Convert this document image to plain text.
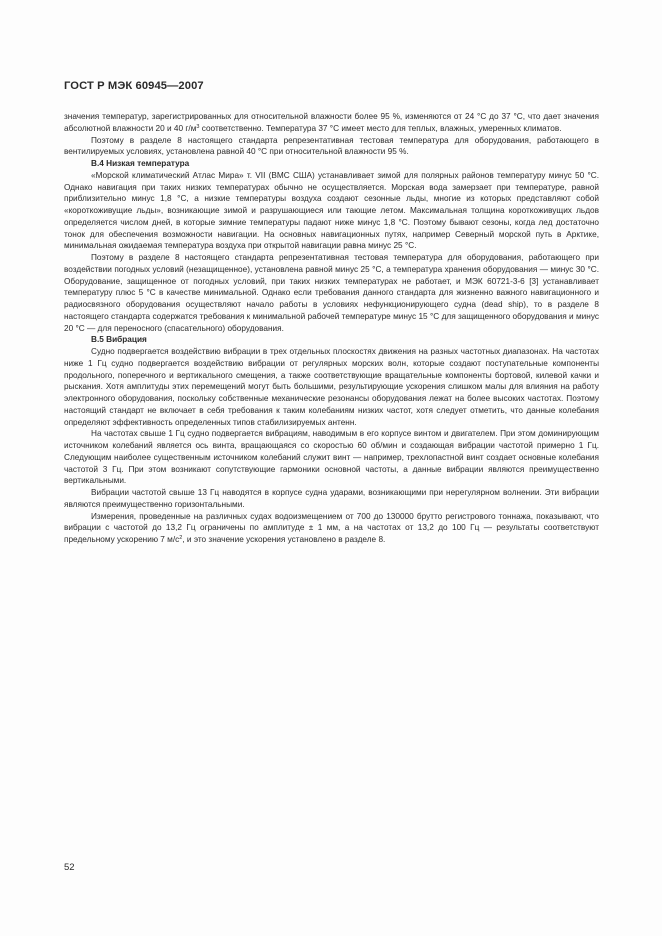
ГОСТ Р МЭК 60945—2007

значения температур, зарегистрированных для относительной влажности более 95 %, изменяются от 24 °С до 37 °С, что дает значения абсолютной влажности 20 и 40 $г/м^3$ соответственно. Температура 37 °С имеет место для теплых, влажных, умеренных климатов.

Поэтому в разделе 8 настоящего стандарта репрезентативная тестовая температура для оборудования, работающего в вентилируемых условиях, установлена равной 40 °С при относительной влажности 95 %.

В.4 Низкая температура

«Морской климатический Атлас Мира» т. VII (ВМС США) устанавливает зимой для полярных районов температуру минус 50 °С. Однако навигация при таких низких температурах обычно не осуществляется. Морская вода замерзает при температуре, равной приблизительно минус 1,8 °С, а низкие температуры воздуха создают сезонные льды, многие из которых представляют собой «короткоживущие льды», возникающие зимой и разрушающиеся или тающие летом. Максимальная толщина короткоживущих льдов определяется числом дней, в которые зимние температуры падают ниже минус 1,8 °С. Поэтому бывают сезоны, когда лед достаточно тонок для обеспечения возможности навигации. На основных навигационных путях, например Северный морской путь в Арктике, минимальная ожидаемая температура воздуха при открытой навигации равна минус 25 °С.

Поэтому в разделе 8 настоящего стандарта репрезентативная тестовая температура для оборудования, работающего при воздействии погодных условий (незащищенное), установлена равной минус 25 °С, а температура хранения оборудования — минус 30 °С. Оборудование, защищенное от погодных условий, при таких низких температурах не работает, и МЭК 60721-3-6 [3] устанавливает температуру плюс 5 °С в качестве минимальной. Однако если требования данного стандарта для жизненно важного навигационного и радиосвязного оборудования осуществляют начало работы в условиях нефункционирующего судна (dead ship), то в разделе 8 настоящего стандарта содержатся требования к минимальной рабочей температуре минус 15 °С для защищенного оборудования и минус 20 °С — для переносного (спасательного) оборудования.

В.5 Вибрация

Судно подвергается воздействию вибрации в трех отдельных плоскостях движения на разных частотных диапазонах. На частотах ниже 1 Гц судно подвергается воздействию вибрации от регулярных морских волн, которые создают поступательные компоненты продольного, поперечного и вертикального смещения, а также соответствующие вращательные компоненты бортовой, килевой качки и рыскания. Хотя амплитуды этих перемещений могут быть большими, результирующие ускорения слишком малы для влияния на работу электронного оборудования, поскольку собственные механические резонансы оборудования лежат на более высоких частотах. Поэтому настоящий стандарт не включает в себя требования к таким колебаниям низких частот, хотя следует отметить, что данные колебания определяют эффективность определенных типов стабилизируемых антенн.

На частотах свыше 1 Гц судно подвергается вибрациям, наводимым в его корпусе винтом и двигателем. При этом доминирующим источником колебаний является ось винта, вращающаяся со скоростью 60 об/мин и создающая вибрации частотой примерно 1 Гц. Следующим наиболее существенным источником колебаний служит винт — например, трехлопастной винт создает основные колебания частотой 3 Гц. При этом возникают сопутствующие гармоники основной частоты, а данные вибрации являются преимущественно вертикальными.

Вибрации частотой свыше 13 Гц наводятся в корпусе судна ударами, возникающими при нерегулярном волнении. Эти вибрации являются преимущественно горизонтальными.

Измерения, проведенные на различных судах водоизмещением от 700 до 130000 брутто регистрового тоннажа, показывают, что вибрации с частотой до 13,2 Гц ограничены по амплитуде ± 1 мм, а на частотах от 13,2 до 100 Гц — результаты соответствуют предельному ускорению 7 $м/с^2$, и это значение ускорения установлено в разделе 8.

52
